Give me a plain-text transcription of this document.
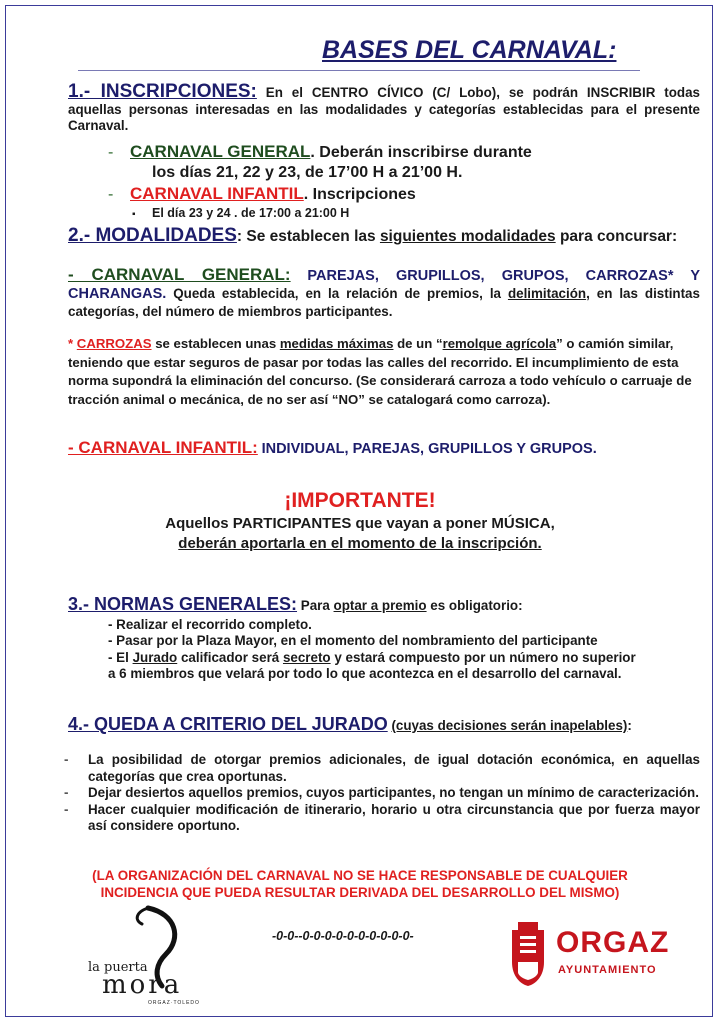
BASES DEL CARNAVAL:
1.- INSCRIPCIONES: En el CENTRO CÍVICO (C/ Lobo), se podrán INSCRIBIR todas aquellas personas interesadas en las modalidades y categorías establecidas para el presente Carnaval.
- CARNAVAL GENERAL. Deberán inscribirse durante
los días 21, 22 y 23, de 17’00 H a 21’00 H.
- CARNAVAL INFANTIL. Inscripciones
▪ El día 23 y 24 . de 17:00 a 21:00 H
2.- MODALIDADES: Se establecen las siguientes modalidades para concursar:
- CARNAVAL GENERAL: PAREJAS, GRUPILLOS, GRUPOS, CARROZAS* Y CHARANGAS. Queda establecida, en la relación de premios, la delimitación, en las distintas categorías, del número de miembros participantes.
* CARROZAS se establecen unas medidas máximas de un “remolque agrícola” o camión similar, teniendo que estar seguros de pasar por todas las calles del recorrido. El incumplimiento de esta norma supondrá la eliminación del concurso. (Se considerará carroza a todo vehículo o carruaje de tracción animal o mecánica, de no ser así “NO” se catalogará como carroza).
- CARNAVAL INFANTIL: INDIVIDUAL, PAREJAS, GRUPILLOS Y GRUPOS.
¡IMPORTANTE!
Aquellos PARTICIPANTES que vayan a poner MÚSICA,
deberán aportarla en el momento de la inscripción.
3.- NORMAS GENERALES: Para optar a premio es obligatorio:
- Realizar el recorrido completo.
- Pasar por la Plaza Mayor, en el momento del nombramiento del participante
- El Jurado calificador será secreto y estará compuesto por un número no superior
a 6 miembros que velará por todo lo que acontezca en el desarrollo del carnaval.
4.- QUEDA A CRITERIO DEL JURADO (cuyas decisiones serán inapelables):
-	La posibilidad de otorgar premios adicionales, de igual dotación económica, en aquellas categorías que crea oportunas.
-	Dejar desiertos aquellos premios, cuyos participantes, no tengan un mínimo de caracterización.
-	Hacer cualquier modificación de itinerario, horario u otra circunstancia que por fuerza mayor así considere oportuno.
(LA ORGANIZACIÓN DEL CARNAVAL NO SE HACE RESPONSABLE DE CUALQUIER
INCIDENCIA QUE PUEDA RESULTAR DERIVADA DEL DESARROLLO DEL MISMO)
-0-0--0-0-0-0-0-0-0-0-0-0-
la puerta
mora
ORGAZ·TOLEDO
ORGAZ
AYUNTAMIENTO
